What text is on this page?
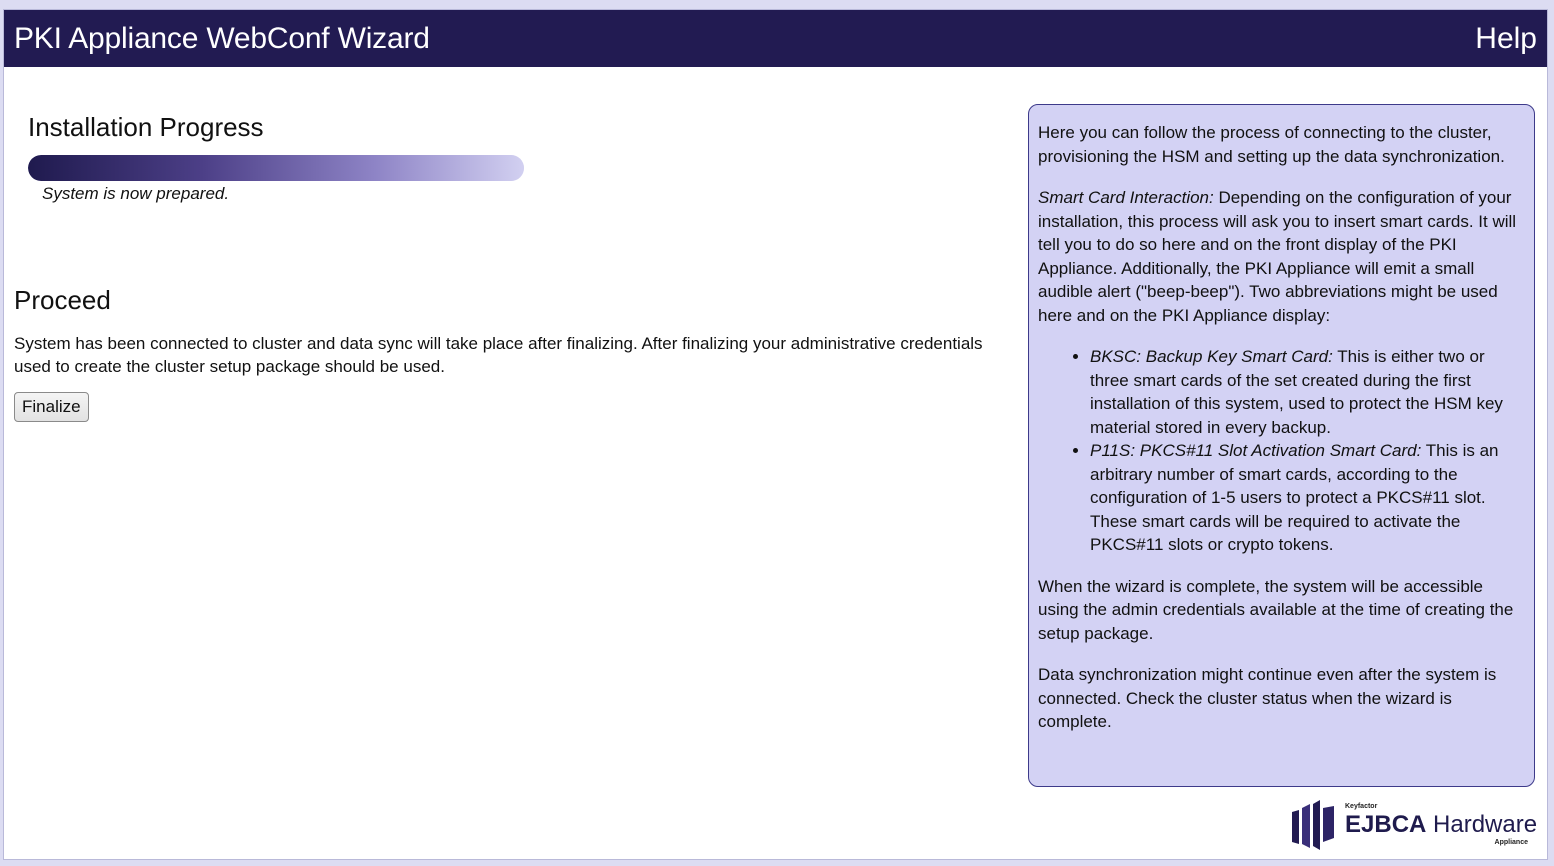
PKI Appliance WebConf Wizard	Help
Installation Progress
System is now prepared.
Proceed

System has been connected to cluster and data sync will take place after finalizing. After finalizing your administrative credentials used to create the cluster setup package should be used.

Finalize

Here you can follow the process of connecting to the cluster, provisioning the HSM and setting up the data synchronization.

Smart Card Interaction: Depending on the configuration of your installation, this process will ask you to insert smart cards. It will tell you to do so here and on the front display of the PKI Appliance. Additionally, the PKI Appliance will emit a small audible alert ("beep-beep"). Two abbreviations might be used here and on the PKI Appliance display:

• BKSC: Backup Key Smart Card: This is either two or three smart cards of the set created during the first installation of this system, used to protect the HSM key material stored in every backup.
• P11S: PKCS#11 Slot Activation Smart Card: This is an arbitrary number of smart cards, according to the configuration of 1-5 users to protect a PKCS#11 slot. These smart cards will be required to activate the PKCS#11 slots or crypto tokens.

When the wizard is complete, the system will be accessible using the admin credentials available at the time of creating the setup package.

Data synchronization might continue even after the system is connected. Check the cluster status when the wizard is complete.

Keyfactor
EJBCA Hardware
Appliance
